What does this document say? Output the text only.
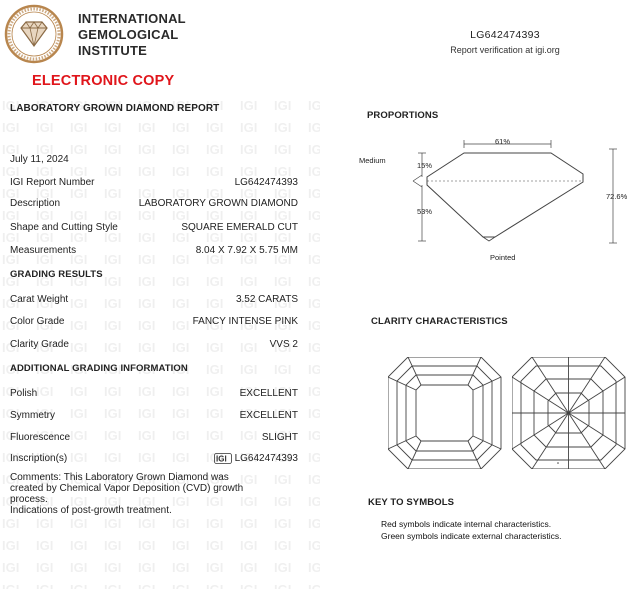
INTERNATIONAL
GEMOLOGICAL
INSTITUTE
ELECTRONIC COPY
LG642474393
Report verification at igi.org
LABORATORY GROWN DIAMOND REPORT
July 11, 2024
IGI Report Number	LG642474393
Description	LABORATORY GROWN DIAMOND
Shape and Cutting Style	SQUARE EMERALD CUT
Measurements	8.04 X 7.92 X 5.75 MM
GRADING RESULTS
Carat Weight	3.52 CARATS
Color Grade	FANCY INTENSE PINK
Clarity Grade	VVS 2
ADDITIONAL GRADING INFORMATION
Polish	EXCELLENT
Symmetry	EXCELLENT
Fluorescence	SLIGHT
Inscription(s)	IGI LG642474393
Comments: This Laboratory Grown Diamond was
created by Chemical Vapor Deposition (CVD) growth
process.
Indications of post-growth treatment.
PROPORTIONS
61%
15%
53%
72.6%
Medium
Pointed
CLARITY CHARACTERISTICS
KEY TO SYMBOLS
Red symbols indicate internal characteristics.
Green symbols indicate external characteristics.
